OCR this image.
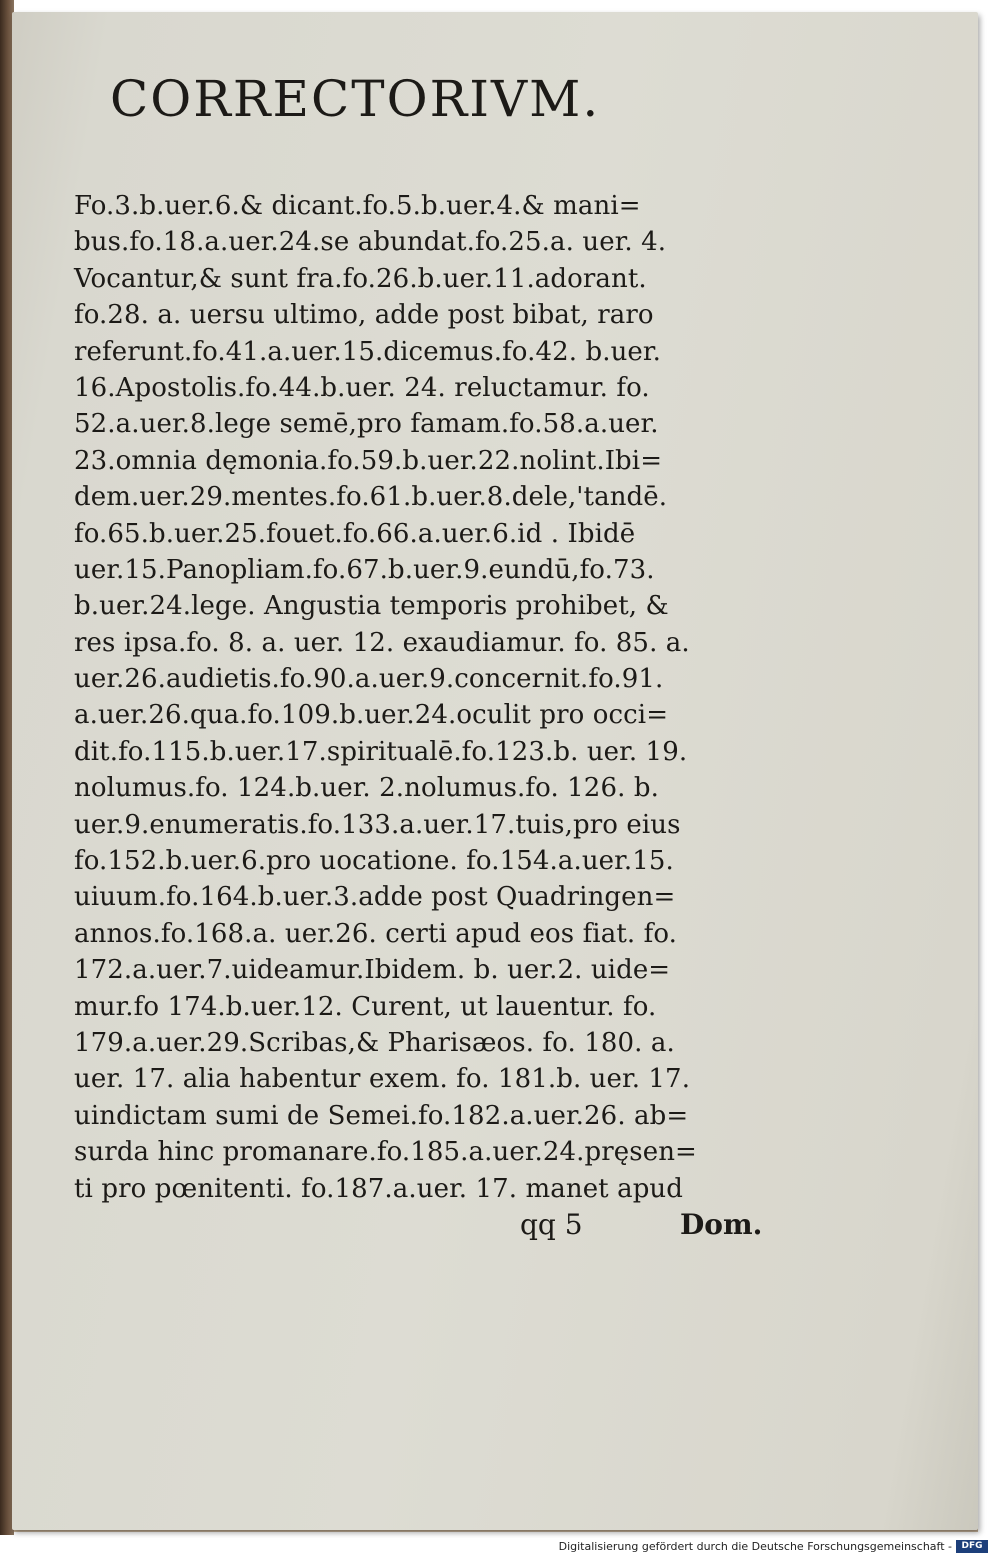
CORRECTORIVM.
Fo.3.b.uer.6.& dicant.fo.5.b.uer.4.& mani=
bus.fo.18.a.uer.24.se abundat.fo.25.a. uer. 4.
Vocantur,& sunt fra.fo.26.b.uer.11.adorant.
fo.28. a. uersu ultimo, adde post bibat, raro
referunt.fo.41.a.uer.15.dicemus.fo.42. b.uer.
16.Apostolis.fo.44.b.uer. 24. reluctamur. fo.
52.a.uer.8.lege semē,pro famam.fo.58.a.uer.
23.omnia dęmonia.fo.59.b.uer.22.nolint.Ibi=
dem.uer.29.mentes.fo.61.b.uer.8.dele,'tandē.
fo.65.b.uer.25.fouet.fo.66.a.uer.6.id . Ibidē
uer.15.Panopliam.fo.67.b.uer.9.eundū,fo.73.
b.uer.24.lege. Angustia temporis prohibet, &
res ipsa.fo. 8. a. uer. 12. exaudiamur. fo. 85. a.
uer.26.audietis.fo.90.a.uer.9.concernit.fo.91.
a.uer.26.qua.fo.109.b.uer.24.oculit pro occi=
dit.fo.115.b.uer.17.spiritualē.fo.123.b. uer. 19.
nolumus.fo. 124.b.uer. 2.nolumus.fo. 126. b.
uer.9.enumeratis.fo.133.a.uer.17.tuis,pro eius
fo.152.b.uer.6.pro uocatione. fo.154.a.uer.15.
uiuum.fo.164.b.uer.3.adde post Quadringen=
annos.fo.168.a. uer.26. certi apud eos fiat. fo.
172.a.uer.7.uideamur.Ibidem. b. uer.2. uide=
mur.fo 174.b.uer.12. Curent, ut lauentur. fo.
179.a.uer.29.Scribas,& Pharisæos. fo. 180. a.
uer. 17. alia habentur exem. fo. 181.b. uer. 17.
uindictam sumi de Semei.fo.182.a.uer.26. ab=
surda hinc promanare.fo.185.a.uer.24.pręsen=
ti pro pœnitenti. fo.187.a.uer. 17. manet apud
qq 5	Dom.
Digitalisierung gefördert durch die Deutsche Forschungsgemeinschaft -	DFG
